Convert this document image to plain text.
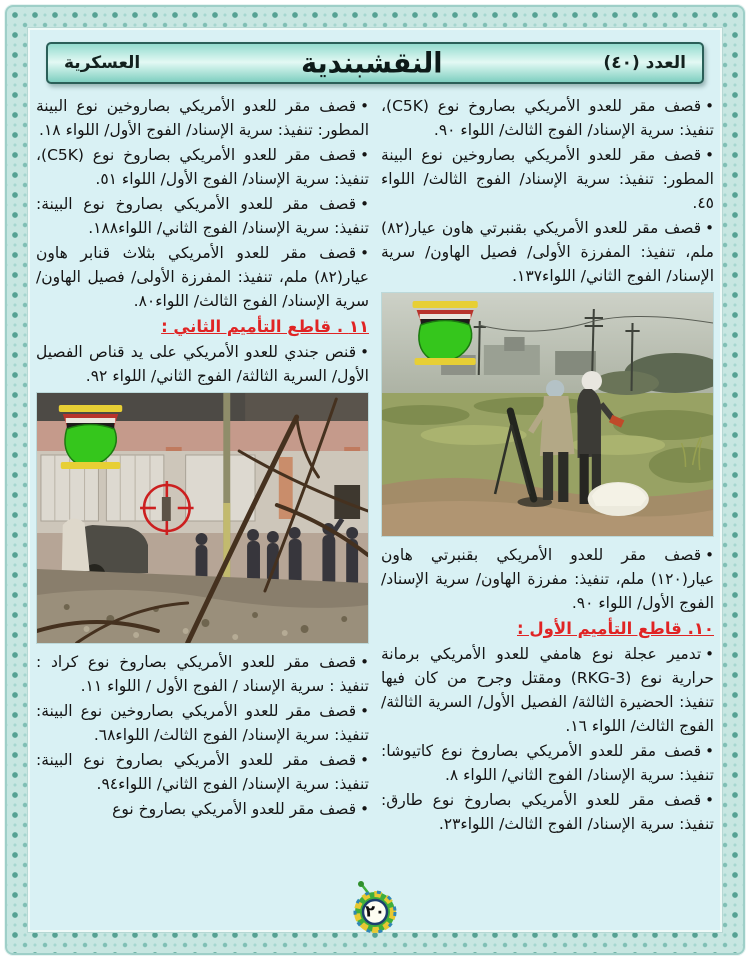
العدد (٤٠)
النقشبندية
العسكرية
•قصف مقر للعدو الأمريكي بصاروخ نوع (C5K)، تنفيذ: سرية الإسناد/ الفوج الثالث/ اللواء ٩٠.
•قصف مقر للعدو الأمريكي بصاروخين نوع البينة المطور: تنفيذ: سرية الإسناد/ الفوج الثالث/ اللواء ٤٥.
•قصف مقر للعدو الأمريكي بقنبرتي هاون عيار(٨٢) ملم، تنفيذ: المفرزة الأولى/ فصيل الهاون/ سرية الإسناد/ الفوج الثاني/ اللواء١٣٧.
•قصف مقر للعدو الأمريكي بقنبرتي هاون عيار(١٢٠) ملم، تنفيذ: مفرزة الهاون/ سرية الإسناد/ الفوج الأول/ اللواء ٩٠.
١٠. قاطع التأميم الأول :
•تدمير عجلة نوع هامفي للعدو الأمريكي برمانة حرارية نوع (RKG-3) ومقتل وجرح من كان فيها تنفيذ: الحضيرة الثالثة/ الفصيل الأول/ السرية الثالثة/ الفوج الثالث/ اللواء ١٦.
•قصف مقر للعدو الأمريكي بصاروخ نوع كاتيوشا: تنفيذ: سرية الإسناد/ الفوج الثاني/ اللواء ٨.
•قصف مقر للعدو الأمريكي بصاروخ نوع طارق: تنفيذ: سرية الإسناد/ الفوج الثالث/ اللواء٢٣.
•قصف مقر للعدو الأمريكي بصاروخين نوع البينة المطور: تنفيذ: سرية الإسناد/ الفوج الأول/ اللواء ١٨.
•قصف مقر للعدو الأمريكي بصاروخ نوع (C5K)، تنفيذ: سرية الإسناد/ الفوج الأول/ اللواء ٥١.
•قصف مقر للعدو الأمريكي بصاروخ نوع البينة: تنفيذ: سرية الإسناد/ الفوج الثاني/ اللواء١٨٨.
•قصف مقر للعدو الأمريكي بثلاث قنابر هاون عيار(٨٢) ملم، تنفيذ: المفرزة الأولى/ فصيل الهاون/ سرية الإسناد/ الفوج الثالث/ اللواء٨٠.
١١ . قاطع التأميم الثاني :
•قنص جندي للعدو الأمريكي على يد قناص الفصيل الأول/ السرية الثالثة/ الفوج الثاني/ اللواء ٩٢.
•قصف مقر للعدو الأمريكي بصاروخ نوع كراد : تنفيذ : سرية الإسناد / الفوج الأول / اللواء ١١.
•قصف مقر للعدو الأمريكي بصاروخين نوع البينة: تنفيذ: سرية الإسناد/ الفوج الثالث/ اللواء٦٨.
•قصف مقر للعدو الأمريكي بصاروخ نوع البينة: تنفيذ: سرية الإسناد/ الفوج الثاني/ اللواء٩٤.
•قصف مقر للعدو الأمريكي بصاروخ نوع
٢٠
